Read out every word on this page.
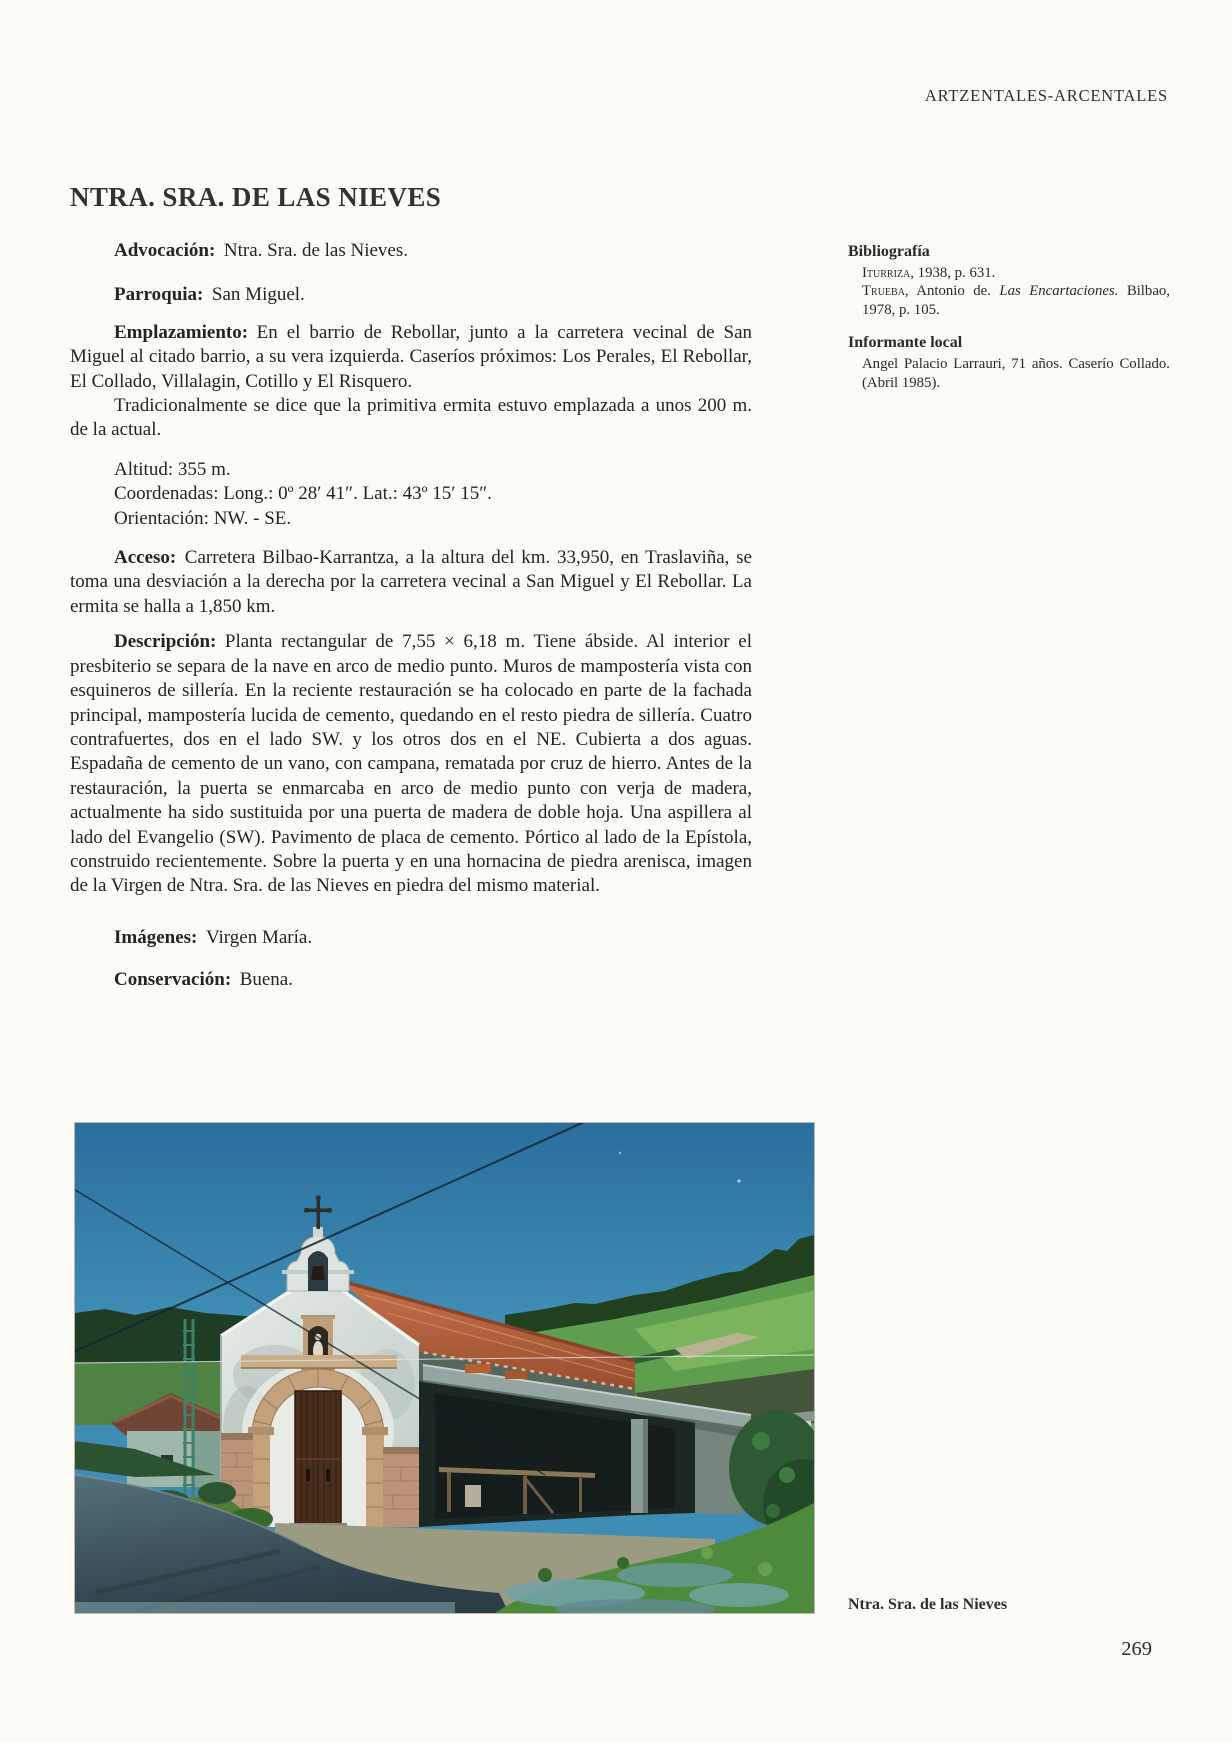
ARTZENTALES-ARCENTALES
NTRA. SRA. DE LAS NIEVES

Advocación: Ntra. Sra. de las Nieves.

Parroquia: San Miguel.

Emplazamiento: En el barrio de Rebollar, junto a la carretera vecinal de San Miguel al citado barrio, a su vera izquierda. Caseríos próximos: Los Perales, El Rebollar, El Collado, Villalagin, Cotillo y El Risquero.

Tradicionalmente se dice que la primitiva ermita estuvo emplazada a unos 200 m. de la actual.

Altitud: 355 m.

Coordenadas: Long.: 0º 28′ 41″. Lat.: 43º 15′ 15″.

Orientación: NW. - SE.

Acceso: Carretera Bilbao-Karrantza, a la altura del km. 33,950, en Traslaviña, se toma una desviación a la derecha por la carretera vecinal a San Miguel y El Rebollar. La ermita se halla a 1,850 km.

Descripción: Planta rectangular de 7,55 × 6,18 m. Tiene ábside. Al interior el presbiterio se separa de la nave en arco de medio punto. Muros de mampostería vista con esquineros de sillería. En la reciente restauración se ha colocado en parte de la fachada principal, mampostería lucida de cemento, quedando en el resto piedra de sillería. Cuatro contrafuertes, dos en el lado SW. y los otros dos en el NE. Cubierta a dos aguas. Espadaña de cemento de un vano, con campana, rematada por cruz de hierro. Antes de la restauración, la puerta se enmarcaba en arco de medio punto con verja de madera, actualmente ha sido sustituida por una puerta de madera de doble hoja. Una aspillera al lado del Evangelio (SW). Pavimento de placa de cemento. Pórtico al lado de la Epístola, construido recientemente. Sobre la puerta y en una hornacina de piedra arenisca, imagen de la Virgen de Ntra. Sra. de las Nieves en piedra del mismo material.

Imágenes: Virgen María.

Conservación: Buena.

Bibliografía

Iturriza, 1938, p. 631.

Trueba, Antonio de. Las Encartaciones. Bilbao, 1978, p. 105.

Informante local

Angel Palacio Larrauri, 71 años. Caserío Collado. (Abril 1985).

Ntra. Sra. de las Nieves
269
